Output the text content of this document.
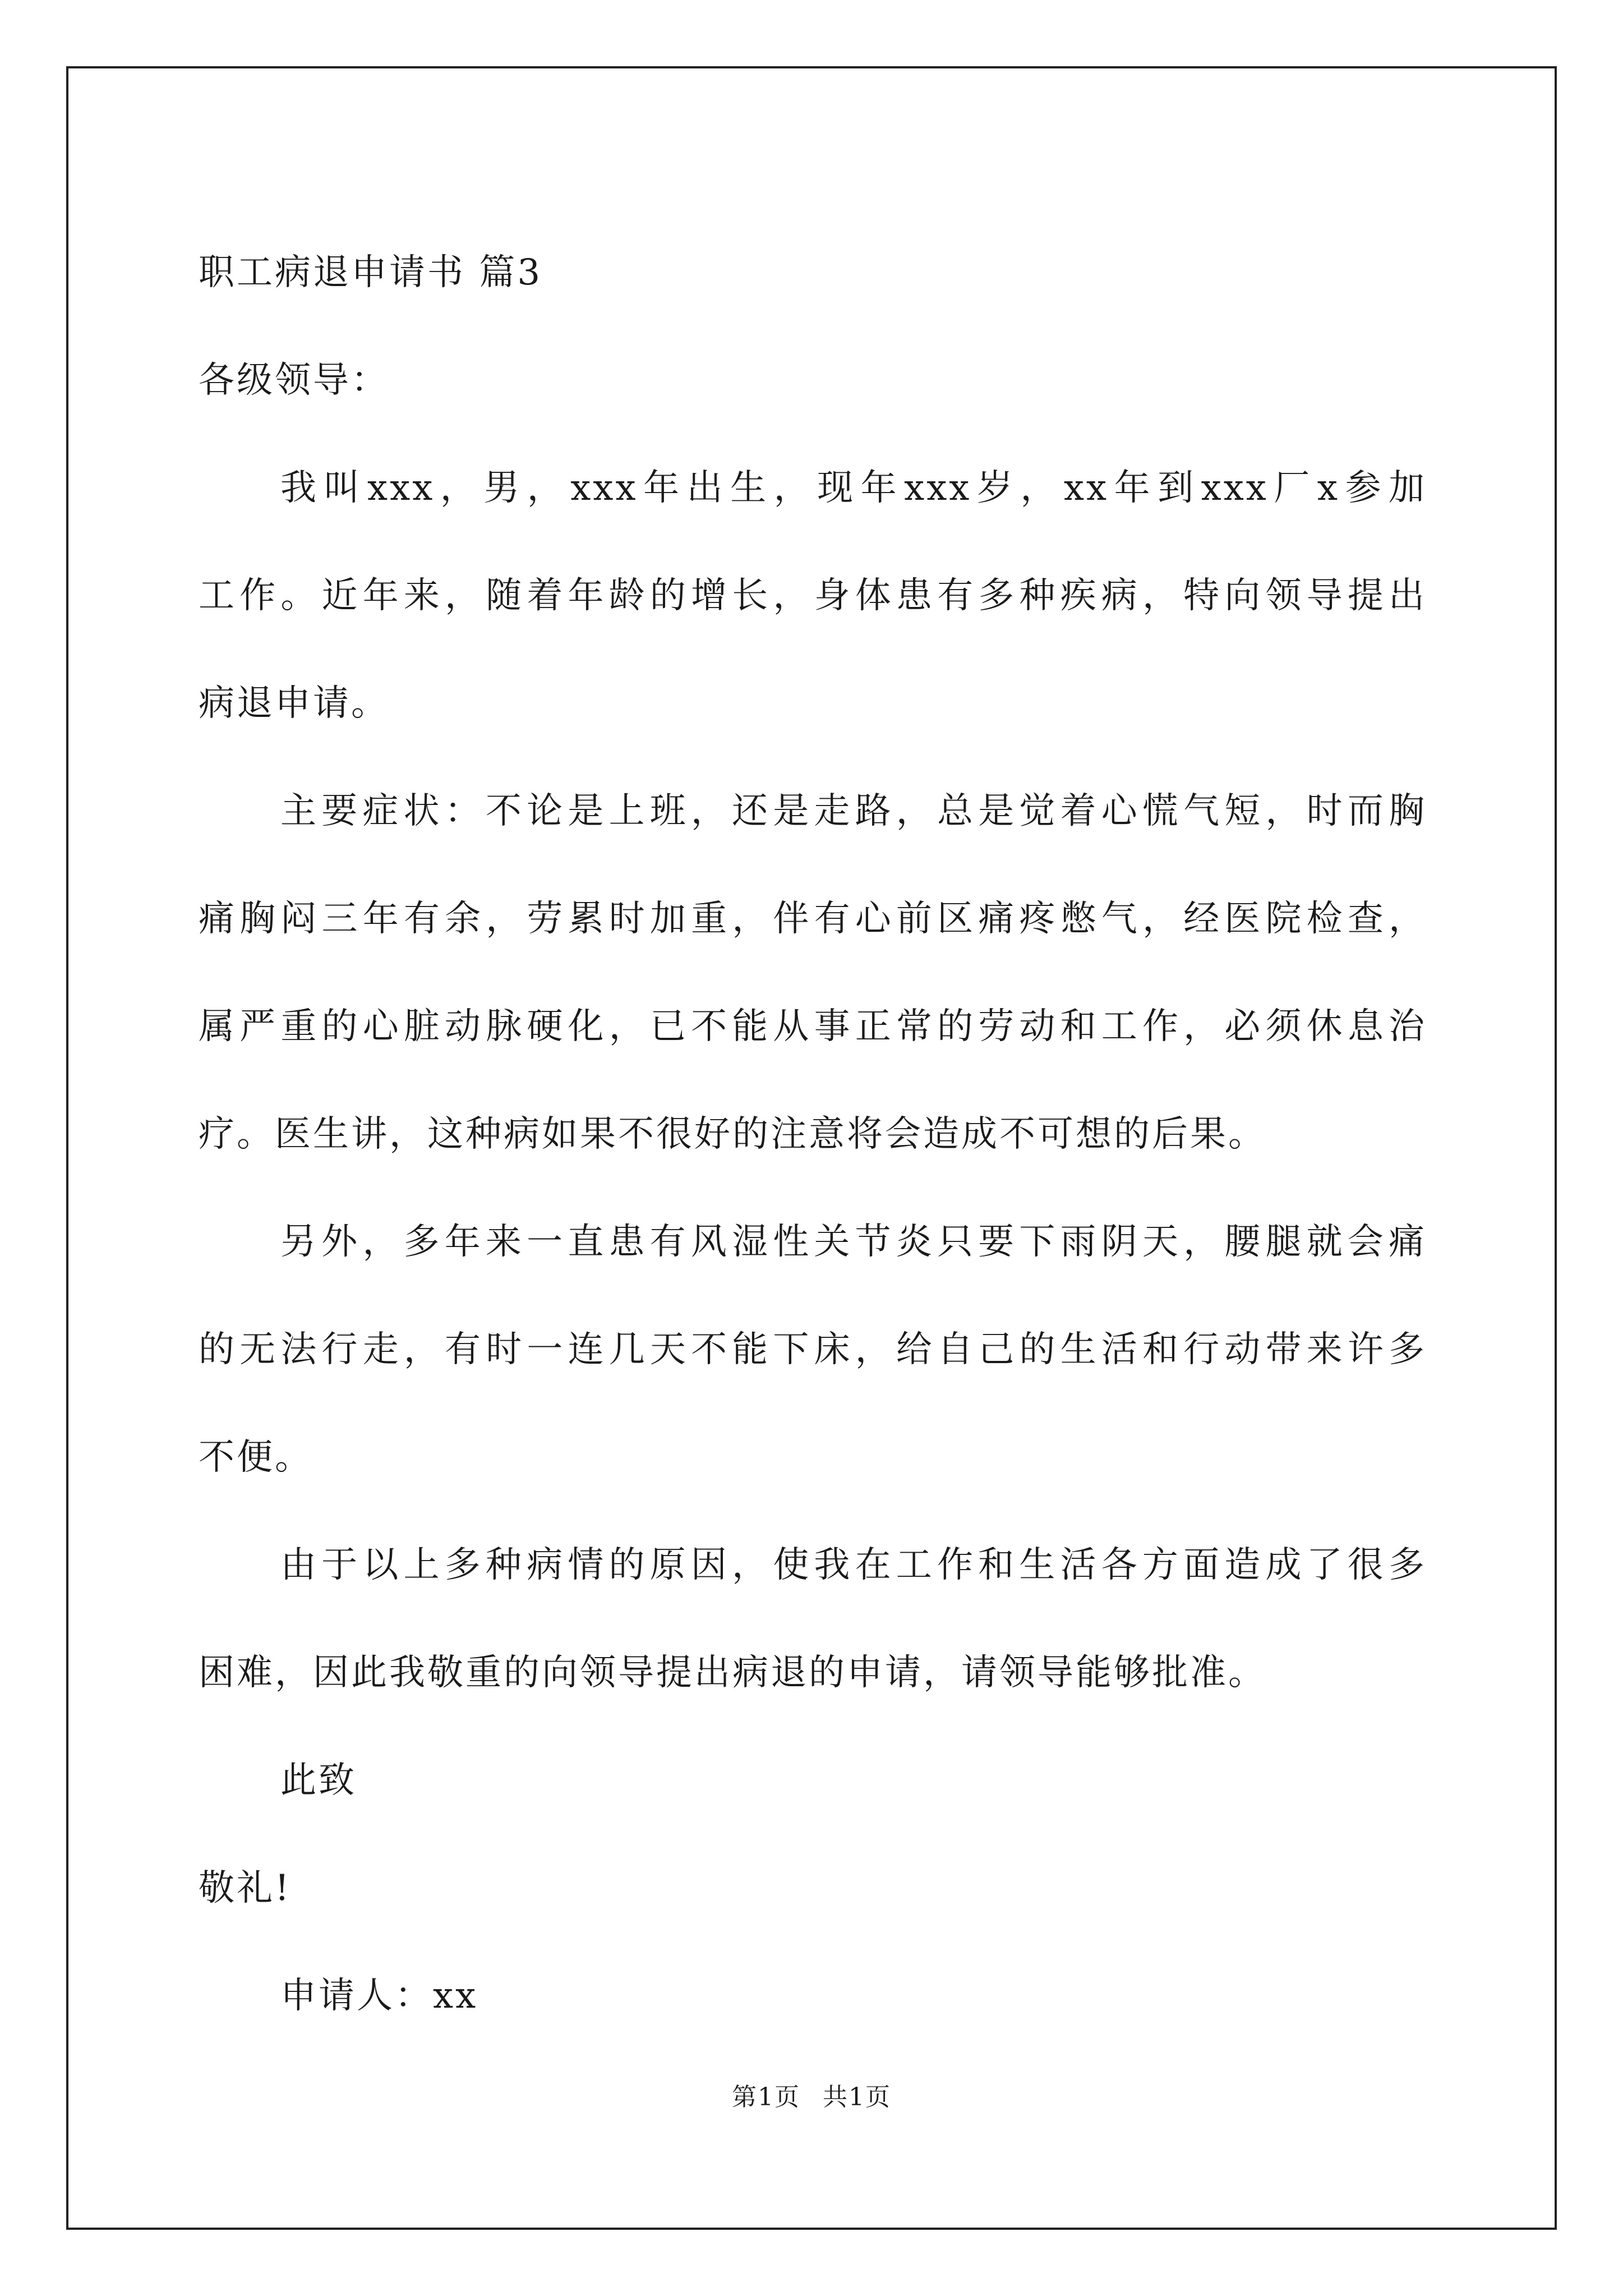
职工病退申请书 篇3
各级领导：
我叫xxx，男，xxx年出生，现年xxx岁，xx年到xxx厂x参加
工作。近年来，随着年龄的增长，身体患有多种疾病，特向领导提出
病退申请。
主要症状：不论是上班，还是走路，总是觉着心慌气短，时而胸
痛胸闷三年有余，劳累时加重，伴有心前区痛疼憋气，经医院检查，
属严重的心脏动脉硬化，已不能从事正常的劳动和工作，必须休息治
疗。医生讲，这种病如果不很好的注意将会造成不可想的后果。
另外，多年来一直患有风湿性关节炎只要下雨阴天，腰腿就会痛
的无法行走，有时一连几天不能下床，给自己的生活和行动带来许多
不便。
由于以上多种病情的原因，使我在工作和生活各方面造成了很多
困难，因此我敬重的向领导提出病退的申请，请领导能够批准。
此致
敬礼!
申请人：xx
第1页 共1页
